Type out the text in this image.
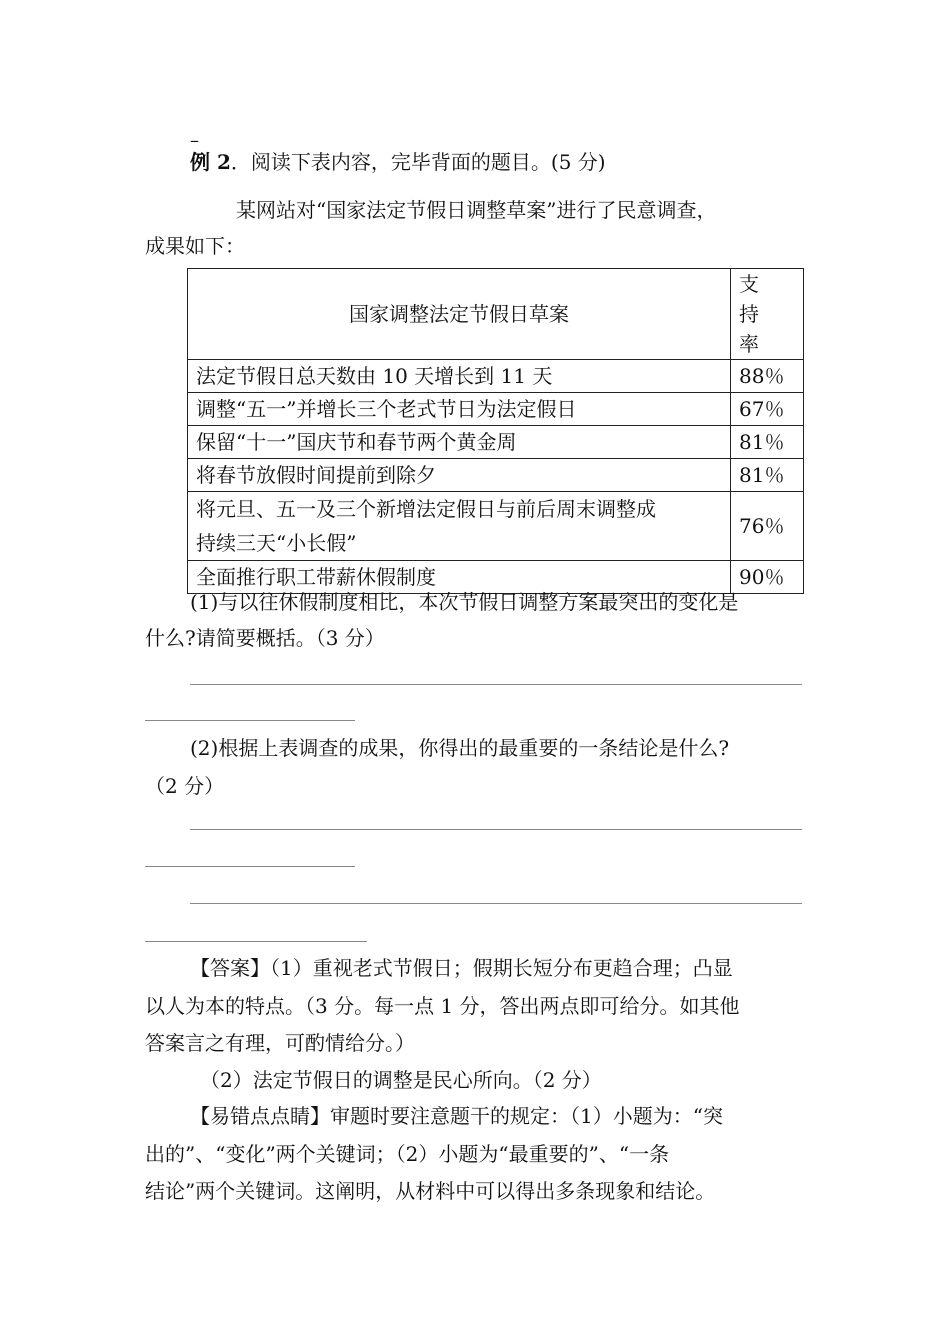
–
例 2．阅读下表内容，完毕背面的题目。(5 分)
某网站对“国家法定节假日调整草案”进行了民意调查，
成果如下：
国家调整法定节假日草案	支 持
率

法定节假日总天数由 10 天增长到 11 天	88％
调整“五一”并增长三个老式节日为法定假日	67％
保留“十一”国庆节和春节两个黄金周	81％
将春节放假时间提前到除夕	81％

将元旦、五一及三个新增法定假日与前后周末调整成
持续三天“小长假”	76％
全面推行职工带薪休假制度	90％
(1)与以往休假制度相比，本次节假日调整方案最突出的变化是
什么?请简要概括。（3 分）
(2)根据上表调查的成果，你得出的最重要的一条结论是什么?
（2 分）
【答案】（1）重视老式节假日；假期长短分布更趋合理；凸显
以人为本的特点。（3 分。每一点 1 分，答出两点即可给分。如其他
答案言之有理，可酌情给分。）
（2）法定节假日的调整是民心所向。（2 分）
【易错点点睛】审题时要注意题干的规定：（1）小题为：“突
出的”、“变化”两个关键词；（2）小题为“最重要的”、“一条
结论”两个关键词。这阐明，从材料中可以得出多条现象和结论。
